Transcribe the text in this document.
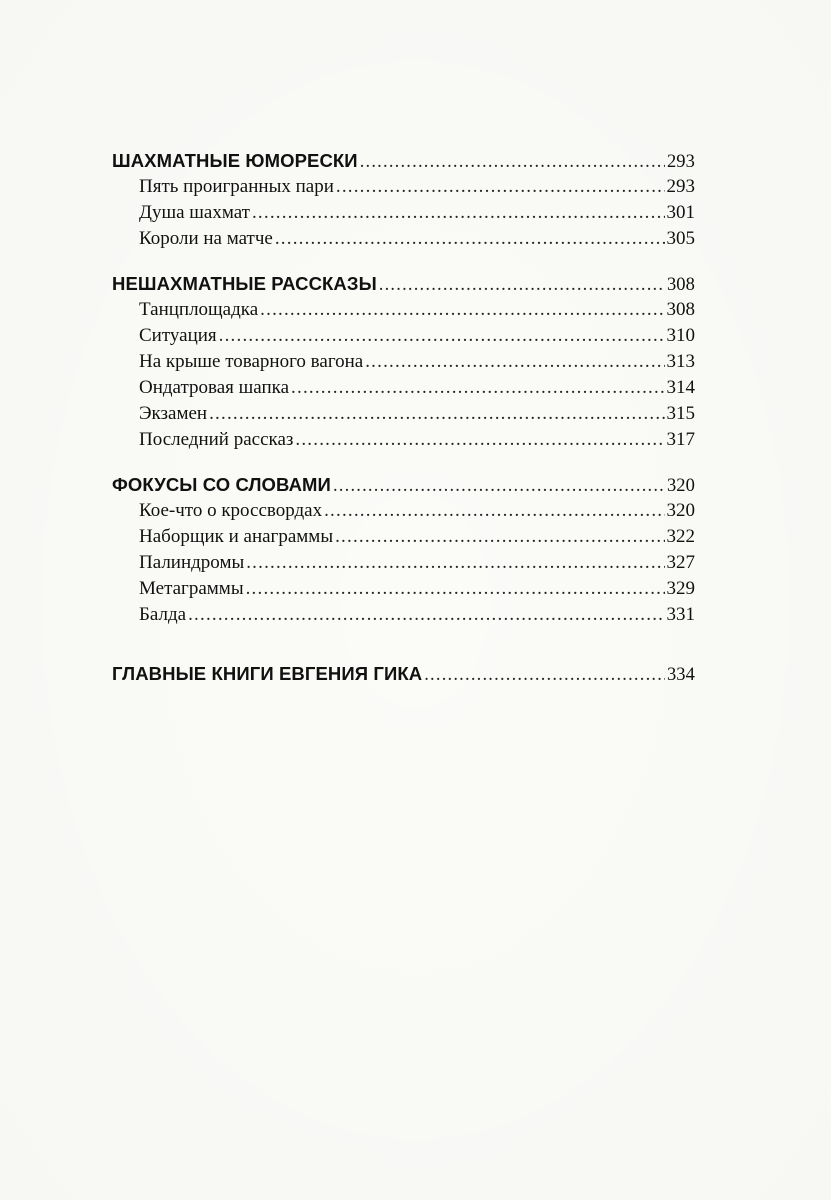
ШАХМАТНЫЕ ЮМОРЕСКИ .....	293
Пять проигранных пари .....	293
Душа шахмат .....	301
Короли на матче .....	305
НЕШАХМАТНЫЕ РАССКАЗЫ .....	308
Танцплощадка .....	308
Ситуация .....	310
На крыше товарного вагона .....	313
Ондатровая шапка .....	314
Экзамен .....	315
Последний рассказ .....	317
ФОКУСЫ СО СЛОВАМИ .....	320
Кое-что о кроссвордах .....	320
Наборщик и анаграммы .....	322
Палиндромы .....	327
Метаграммы .....	329
Балда .....	331
ГЛАВНЫЕ КНИГИ ЕВГЕНИЯ ГИКА .....	334
